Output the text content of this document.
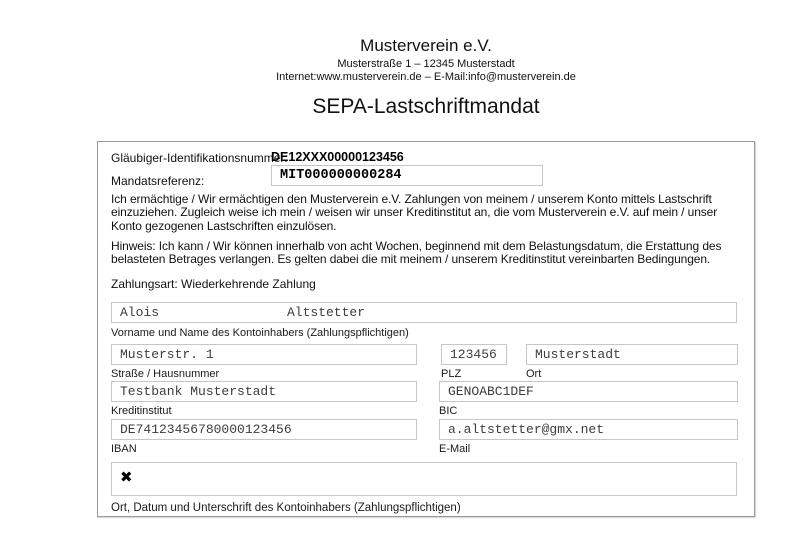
Musterverein e.V.
Musterstraße 1 – 12345 Musterstadt
Internet:www.musterverein.de – E-Mail:info@musterverein.de
SEPA-Lastschriftmandat
Gläubiger-Identifikationsnummer:
DE12XXX00000123456
Mandatsreferenz:	MIT000000000284
Ich ermächtige / Wir ermächtigen den Musterverein e.V. Zahlungen von meinem / unserem Konto mittels Lastschrift einzuziehen. Zugleich weise ich mein / weisen wir unser Kreditinstitut an, die vom Musterverein e.V. auf mein / unser Konto gezogenen Lastschriften einzulösen.
Hinweis: Ich kann / Wir können innerhalb von acht Wochen, beginnend mit dem Belastungsdatum, die Erstattung des belasteten Betrages verlangen. Es gelten dabei die mit meinem / unserem Kreditinstitut vereinbarten Bedingungen.
Zahlungsart: Wiederkehrende Zahlung
Alois	Altstetter
Vorname und Name des Kontoinhabers (Zahlungspflichtigen)
Musterstr. 1	123456	Musterstadt
Straße / Hausnummer	PLZ	Ort
Testbank Musterstadt	GENOABC1DEF
Kreditinstitut	BIC
DE74123456780000123456	a.altstetter@gmx.net
IBAN	E-Mail
✖
Ort, Datum und Unterschrift des Kontoinhabers (Zahlungspflichtigen)
